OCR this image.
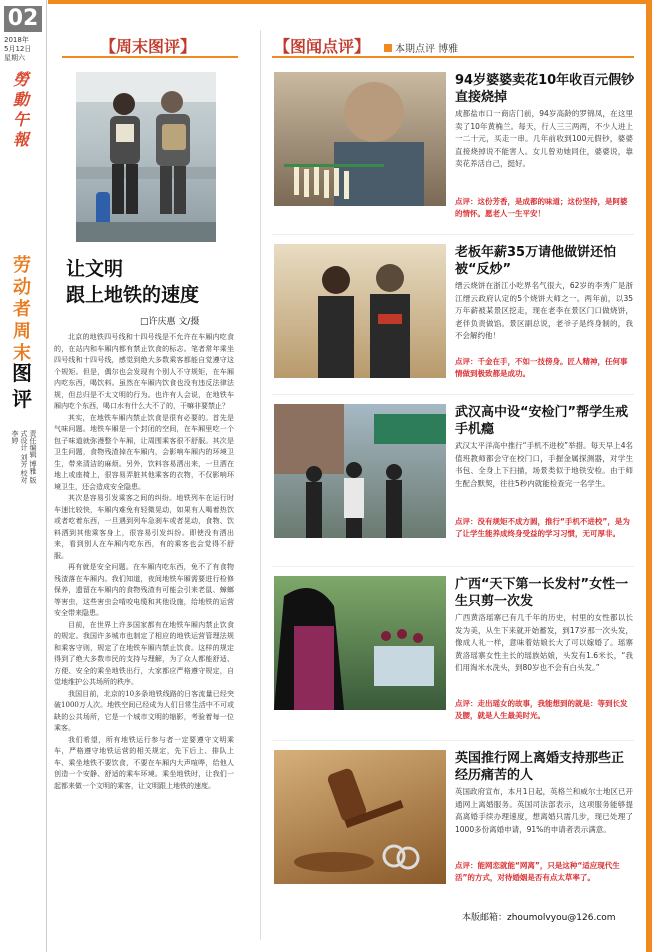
02
2018年
5月12日
星期六
勞動午報
劳动者周末
图评
责任编辑 博雅 版式设计 刘芳 校对 李婷
【周末图评】
让文明
跟上地铁的速度
□许庆惠 文/摄

北京的地铁四号线和十四号线是不允许在车厢内吃食的，在站内和车厢内都有禁止饮食的标志。笔者常年乘坐四号线和十四号线，感觉到绝大多数乘客都能自觉遵守这个规矩。但是，偶尔也会发现有个别人不守规矩，在车厢内吃东西，喝饮料。虽然在车厢内饮食也没有违反法律法规，但总归是不太文明的行为。也许有人会说，在地铁车厢内吃个东西，喝口水有什么大不了的，干嘛非要禁止？

其实，在地铁车厢内禁止饮食是很有必要的。首先是气味问题。地铁车厢是一个封闭的空间，在车厢里吃一个包子味道就弥漫整个车厢，让周围乘客很不舒服。其次是卫生问题，食物残渣掉在车厢内，会影响车厢内的环境卫生，带来清洁的麻烦。另外，饮料容易洒出来，一旦洒在地上或座椅上，很容易弄脏其他乘客的衣物，不仅影响环境卫生，还会造成安全隐患。

其次是容易引发乘客之间的纠纷。地铁列车在运行时车速比较快，车厢内难免有轻微晃动，如果有人喝着热饮或者吃着东西，一旦遇到列车急刹车或者晃动，食物、饮料洒到其他乘客身上，很容易引发纠纷。即使没有洒出来，看到别人在车厢内吃东西，有的乘客也会觉得不舒服。

再有就是安全问题。在车厢内吃东西，免不了有食物残渣落在车厢内。我们知道，夜间地铁车厢需要进行检修保养，遗留在车厢内的食物残渣有可能会引来老鼠、蟑螂等害虫，这些害虫会啃咬电缆和其他设施，给地铁的运营安全带来隐患。

目前，在世界上许多国家都有在地铁车厢内禁止饮食的规定。我国许多城市也制定了相应的地铁运营管理法规和乘客守则，规定了在地铁车厢内禁止饮食。这样的规定得到了绝大多数市民的支持与理解，为了众人都能舒适、方便、安全的乘坐地铁出行，大家都应严格遵守规定，自觉地维护公共场所的秩序。

我国目前，北京的10多条地铁线路的日客流量已经突破1000万人次。地铁空间已经成为人们日常生活中不可或缺的公共场所，它是一个城市文明的缩影，考验着每一位乘客。

我们希望，所有地铁运行参与者一定要遵守文明乘车，严格遵守地铁运营的相关规定，先下后上、排队上车、乘坐地铁不要饮食，不要在车厢内大声喧哗，给他人创造一个安静、舒适的乘车环境。乘坐地铁时，让我们一起都来做一个文明的乘客，让文明跟上地铁的速度。

【图闻点评】	本期点评 博雅
94岁婆婆卖花10年收百元假钞直接烧掉
成都盐市口一商店门前，94岁高龄的罗锦凤，在这里卖了10年黄桷兰。每天，行人三三两两，不少人进上一二十元，买走一串。几年前收到100元假钞，婆婆直接烧掉说不能害人。女儿曾劝她同住，婆婆说，靠卖花养活自己，挺好。
点评：这份芳香，是成都的味道；这份坚持，是阿婆的情怀。愿老人一生平安！
老板年薪35万请他做饼还怕被“反炒”
缙云烧饼在浙江小吃界名气很大，62岁的李秀广是浙江缙云政府认定的5个烧饼大师之一。两年前，以35万年薪被某景区挖走，现在老李在景区门口做烧饼，老伴负责做馅。景区副总说，老爷子是终身制的，我不会解约他！
点评：千金在手，不如一技傍身。匠人精神，任何事情做到极致都是成功。
武汉高中设“安检门”帮学生戒手机瘾
武汉太平洋高中推行“手机不进校”举措。每天早上4名值班教师都会守在校门口，手握金属探测器，对学生书包、全身上下扫描，场景类似于地铁安检。由于师生配合默契，往往5秒内就能检查完一名学生。
点评：没有规矩不成方圆，推行“手机不进校”，是为了让学生能养成终身受益的学习习惯，无可厚非。
广西“天下第一长发村”女性一生只剪一次发
广西黄洛瑶寨已有几千年的历史，村里的女性都以长发为美，从生下来就开始蓄发，到17岁那一次头发，像成人礼一样，意味着姑娘长大了可以嫁婚了。瑶寨黄洛瑶寨女性主长的瑶族姑娘，头发有1.6米长，“我们用淘米水洗头，到80岁也不会有白头发。”
点评：走出瑶女的故事，我能想到的就是：等到长发及腰，就是人生最美时光。
英国推行网上离婚支持那些正经历痛苦的人
英国政府宣布，本月1日起，英格兰和威尔士地区已开通网上离婚服务。英国司法部表示，这项服务能够提高离婚手续办理速度，想离婚只需几步，现已处理了1000多份离婚申请，91%的申请者表示满意。
点评：能网恋就能“网离”，只是这种“适应现代生活”的方式，对待婚姻是否有点太草率了。
本版邮箱：zhoumolvyou@126.com
